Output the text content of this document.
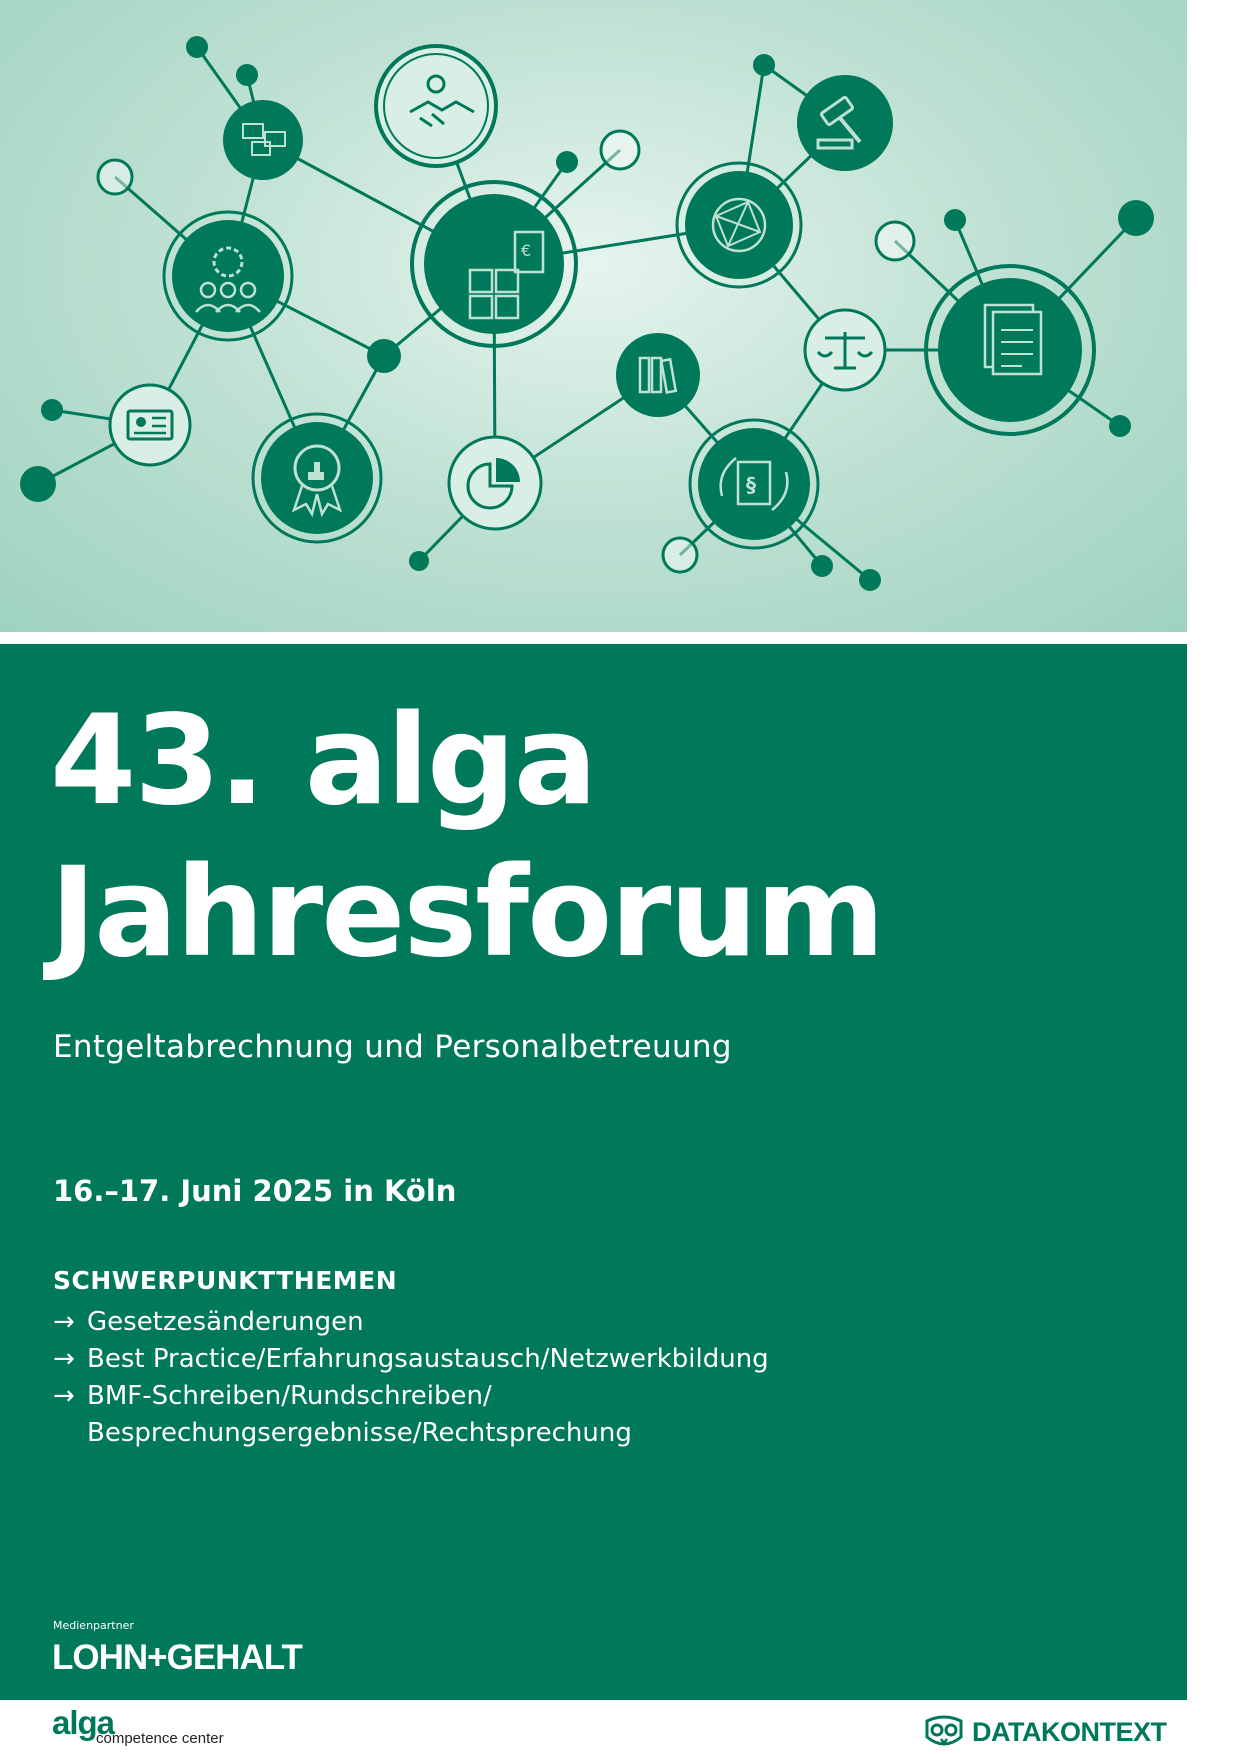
€
§
43. alga
Jahresforum
Entgeltabrechnung und Personalbetreuung
16.–17. Juni 2025 in Köln
SCHWERPUNKTTHEMEN
→ Gesetzesänderungen
→ Best Practice/Erfahrungsaustausch/Netzwerkbildung
→ BMF-Schreiben/Rundschreiben/
Besprechungsergebnisse/Rechtsprechung
Medienpartner
LOHN+GEHALT
alga
competence center	DATAKONTEXT
